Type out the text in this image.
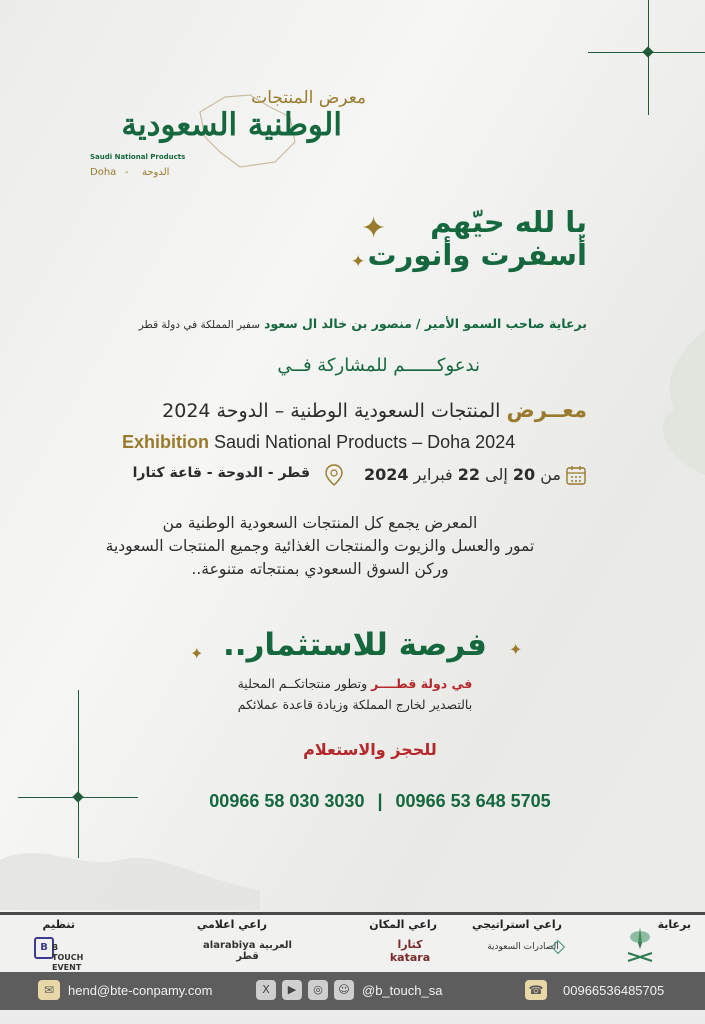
معرض المنتجات
الوطنية السعودية
Saudi National Products
Doha - الدوحة
يا لله حيّهم
أسفرت وأنورت
✦
✦
برعاية صاحب السمو الأمير / منصور بن خالد ال سعود سفير المملكة في دولة قطر
ندعوكــــــم للمشاركة فــي
معــرض المنتجات السعودية الوطنية – الدوحة 2024
Exhibition Saudi National Products – Doha 2024
من 20 إلى 22 فبراير 2024
قطر - الدوحة - قاعة كتارا
المعرض يجمع كل المنتجات السعودية الوطنية من
تمور والعسل والزيوت والمنتجات الغذائية وجميع المنتجات السعودية
وركن السوق السعودي بمنتجاته متنوعة..
فرصة للاستثمار..	✦
✦
في دولة قطــــر وتطور منتجاتكــم المحلية
بالتصدير لخارج المملكة وزيادة قاعدة عملائكم
للحجز والاستعلام
00966 58 030 3030 | 00966 53 648 5705
برعاية
راعي استراتيجي
الصادرات السعودية
راعي المكان
كتارا katara
راعي اعلامي
العربية alarabiya قطر
تنظيم
B B TOUCH EVENT
✉	hend@bte-conpamy.com	X	▶	◎	☺ @b_touch_sa	☎ 00966536485705
